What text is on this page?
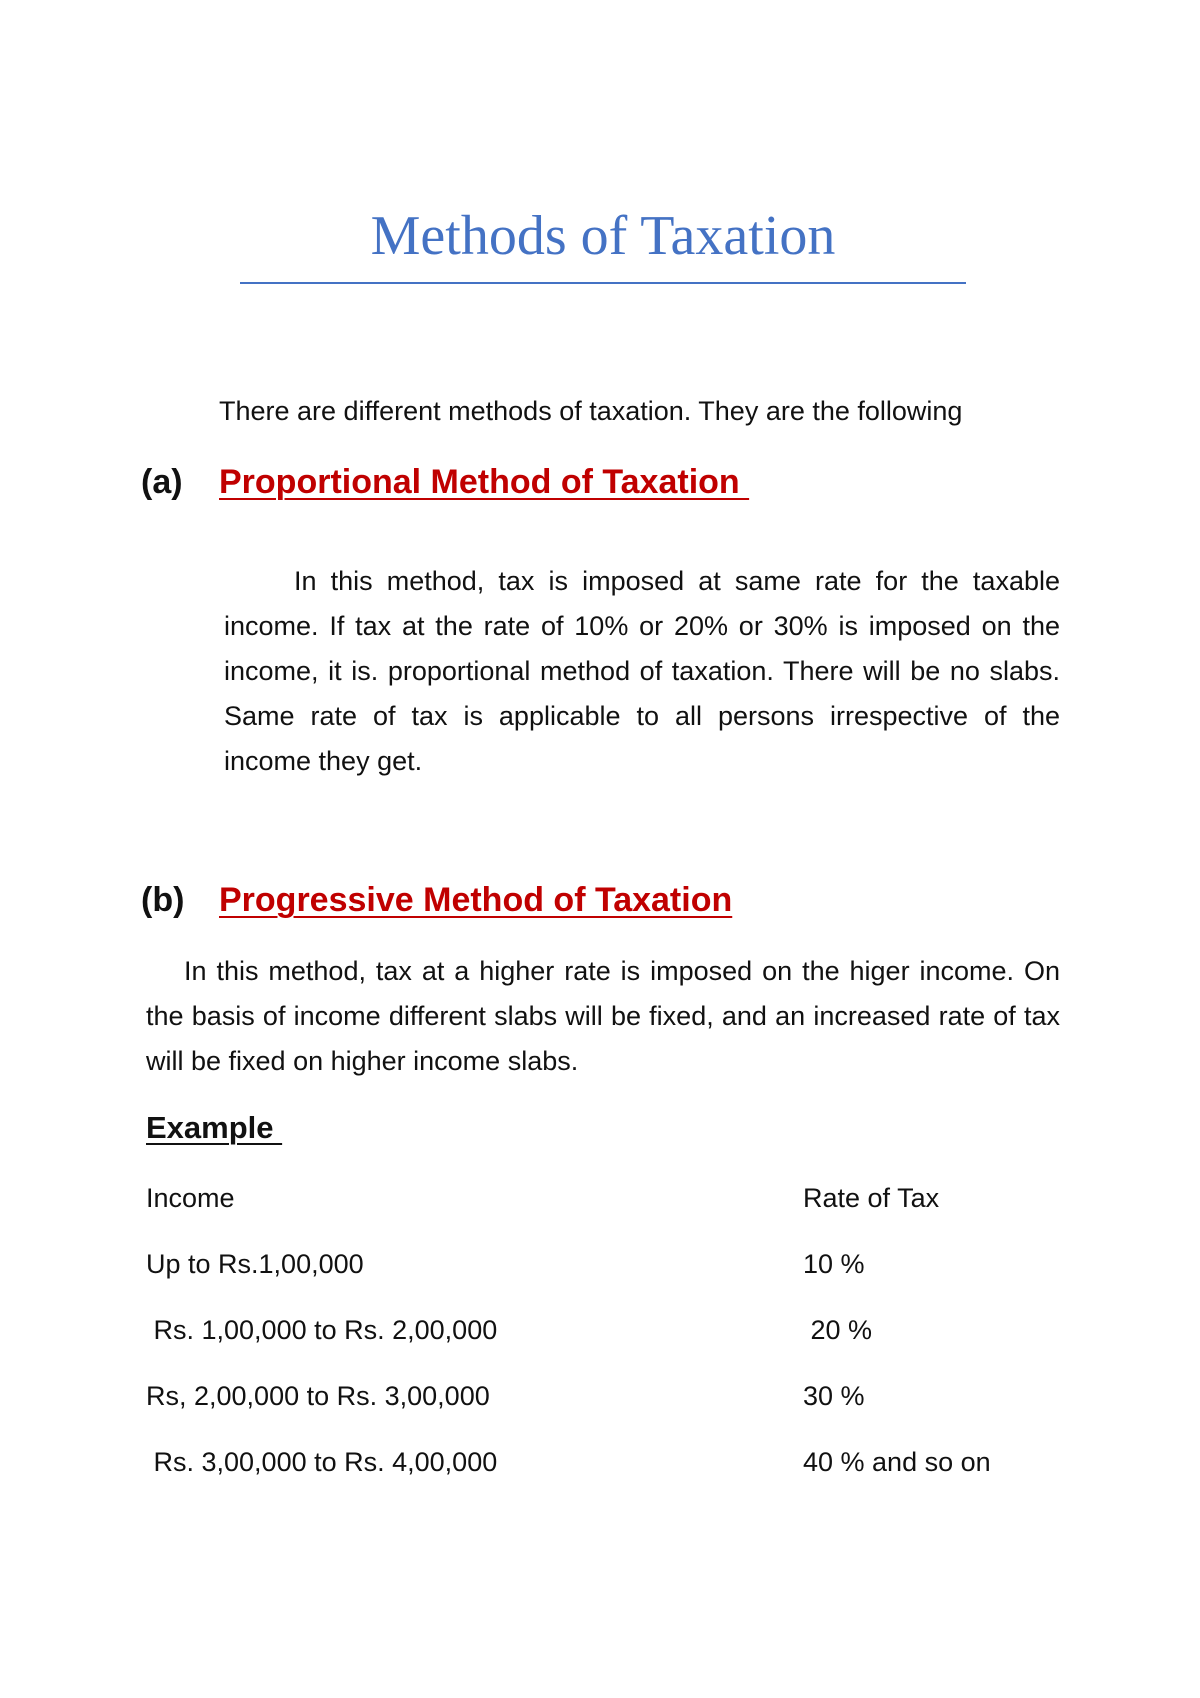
Methods of Taxation

There are different methods of taxation. They are the following

(a) Proportional Method of Taxation

In this method, tax is imposed at same rate for the taxable income. If tax at the rate of 10% or 20% or 30% is imposed on the income, it is. proportional method of taxation. There will be no slabs. Same rate of tax is applicable to all persons irrespective of the income they get.

(b) Progressive Method of Taxation

In this method, tax at a higher rate is imposed on the higer income. On the basis of income different slabs will be fixed, and an increased rate of tax will be fixed on higher income slabs.

Example
Income	Rate of Tax
Up to Rs.1,00,000	10 %
Rs. 1,00,000 to Rs. 2,00,000	20 %
Rs, 2,00,000 to Rs. 3,00,000	30 %
Rs. 3,00,000 to Rs. 4,00,000	40 % and so on
